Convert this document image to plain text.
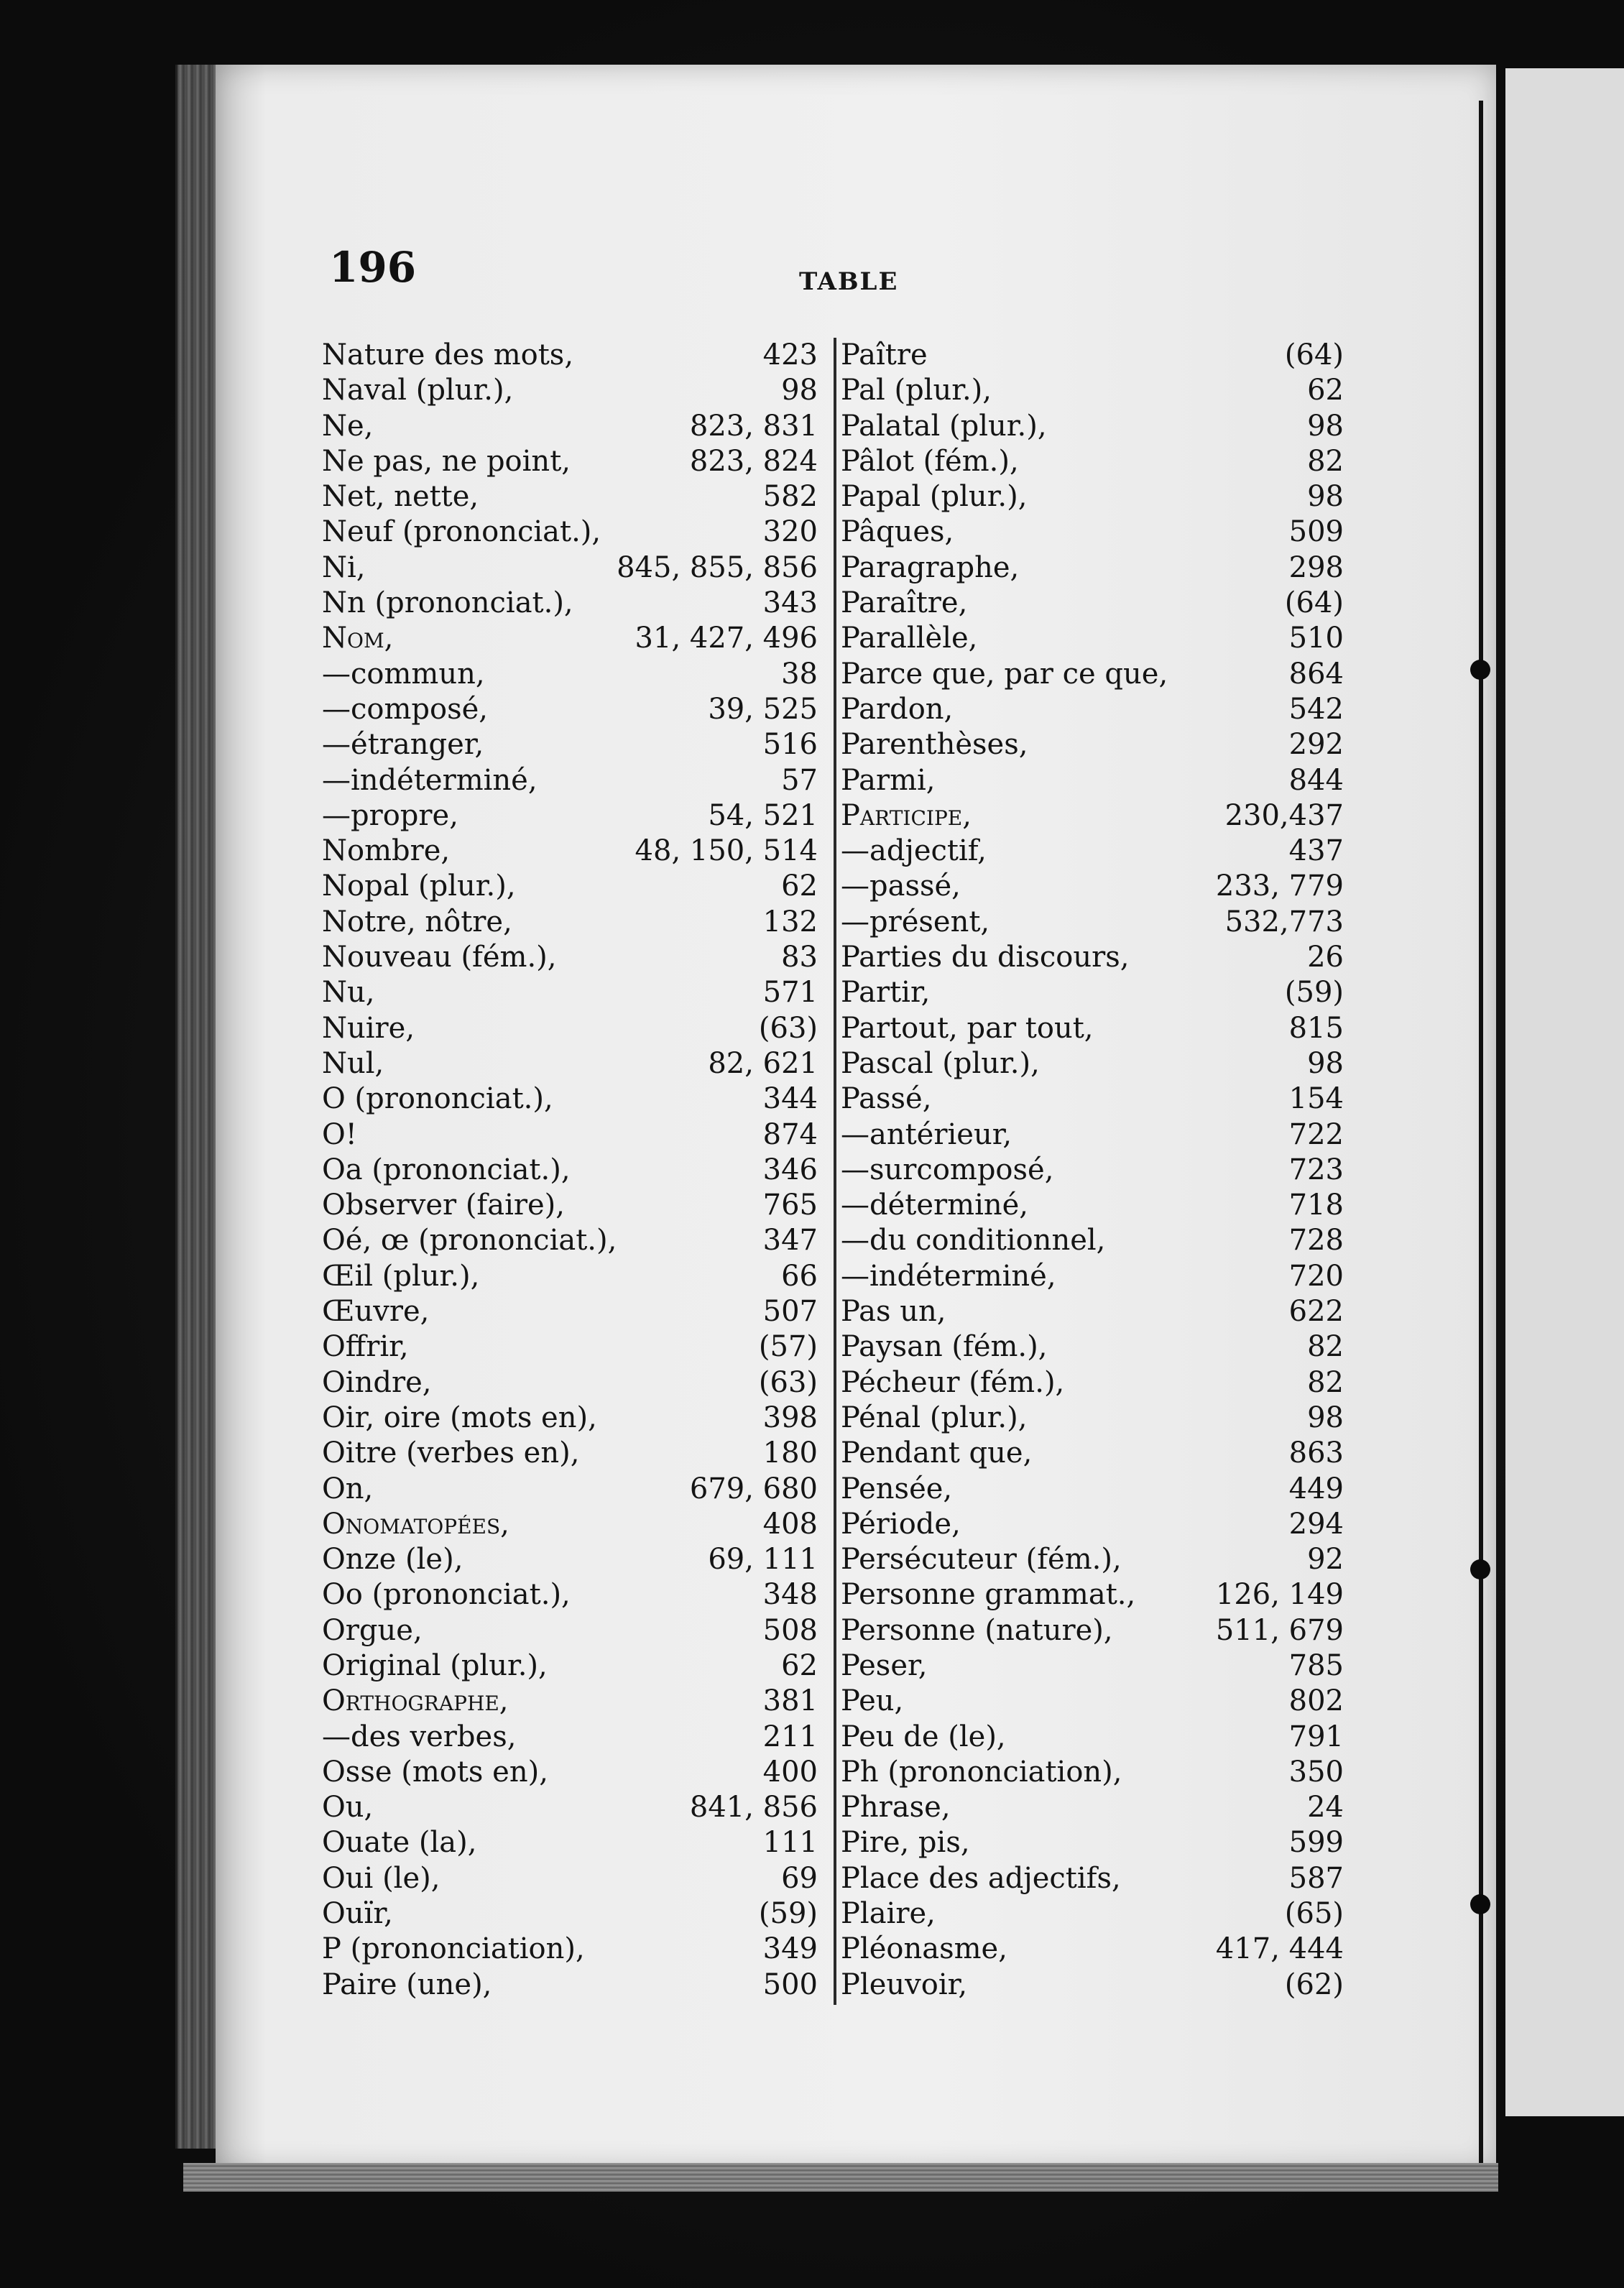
196	TABLE
Nature des mots,	423
Naval (plur.),	98
Ne,	823, 831
Ne pas, ne point,	823, 824
Net, nette,	582
Neuf (prononciat.),	320
Ni,	845, 855, 856
Nn (prononciat.),	343
Nom,	31, 427, 496
—commun,	38
—composé,	39, 525
—étranger,	516
—indéterminé,	57
—propre,	54, 521
Nombre,	48, 150, 514
Nopal (plur.),	62
Notre, nôtre,	132
Nouveau (fém.),	83
Nu,	571
Nuire,	(63)
Nul,	82, 621
O (prononciat.),	344
O!	874
Oa (prononciat.),	346
Observer (faire),	765
Oé, œ (prononciat.),	347
Œil (plur.),	66
Œuvre,	507
Offrir,	(57)
Oindre,	(63)
Oir, oire (mots en),	398
Oitre (verbes en),	180
On,	679, 680
Onomatopées,	408
Onze (le),	69, 111
Oo (prononciat.),	348
Orgue,	508
Original (plur.),	62
Orthographe,	381
—des verbes,	211
Osse (mots en),	400
Ou,	841, 856
Ouate (la),	111
Oui (le),	69
Ouïr,	(59)
P (prononciation),	349
Paire (une),	500
Paître	(64)
Pal (plur.),	62
Palatal (plur.),	98
Pâlot (fém.),	82
Papal (plur.),	98
Pâques,	509
Paragraphe,	298
Paraître,	(64)
Parallèle,	510
Parce que, par ce que,	864
Pardon,	542
Parenthèses,	292
Parmi,	844
Participe,	230,437
—adjectif,	437
—passé,	233, 779
—présent,	532,773
Parties du discours,	26
Partir,	(59)
Partout, par tout,	815
Pascal (plur.),	98
Passé,	154
—antérieur,	722
—surcomposé,	723
—déterminé,	718
—du conditionnel,	728
—indéterminé,	720
Pas un,	622
Paysan (fém.),	82
Pécheur (fém.),	82
Pénal (plur.),	98
Pendant que,	863
Pensée,	449
Période,	294
Persécuteur (fém.),	92
Personne grammat.,	126, 149
Personne (nature),	511, 679
Peser,	785
Peu,	802
Peu de (le),	791
Ph (prononciation),	350
Phrase,	24
Pire, pis,	599
Place des adjectifs,	587
Plaire,	(65)
Pléonasme,	417, 444
Pleuvoir,	(62)
